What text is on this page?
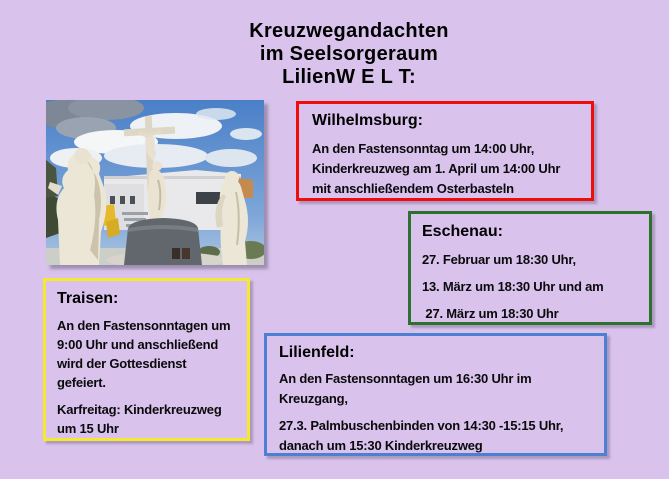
Kreuzwegandachten
im Seelsorgeraum
LilienW E L T:
Wilhelmsburg:
An den Fastensonntag um 14:00 Uhr,
Kinderkreuzweg am 1. April um 14:00 Uhr
mit anschließendem Osterbasteln
Eschenau:
27. Februar um 18:30 Uhr,
13. März um 18:30 Uhr und am
27. März um 18:30 Uhr
Traisen:
An den Fastensonntagen um
9:00 Uhr und anschließend
wird der Gottesdienst
gefeiert.
Karfreitag: Kinderkreuzweg
um 15 Uhr
Lilienfeld:
An den Fastensonntagen um 16:30 Uhr im
Kreuzgang,
27.3. Palmbuschenbinden von 14:30 -15:15 Uhr,
danach um 15:30 Kinderkreuzweg
